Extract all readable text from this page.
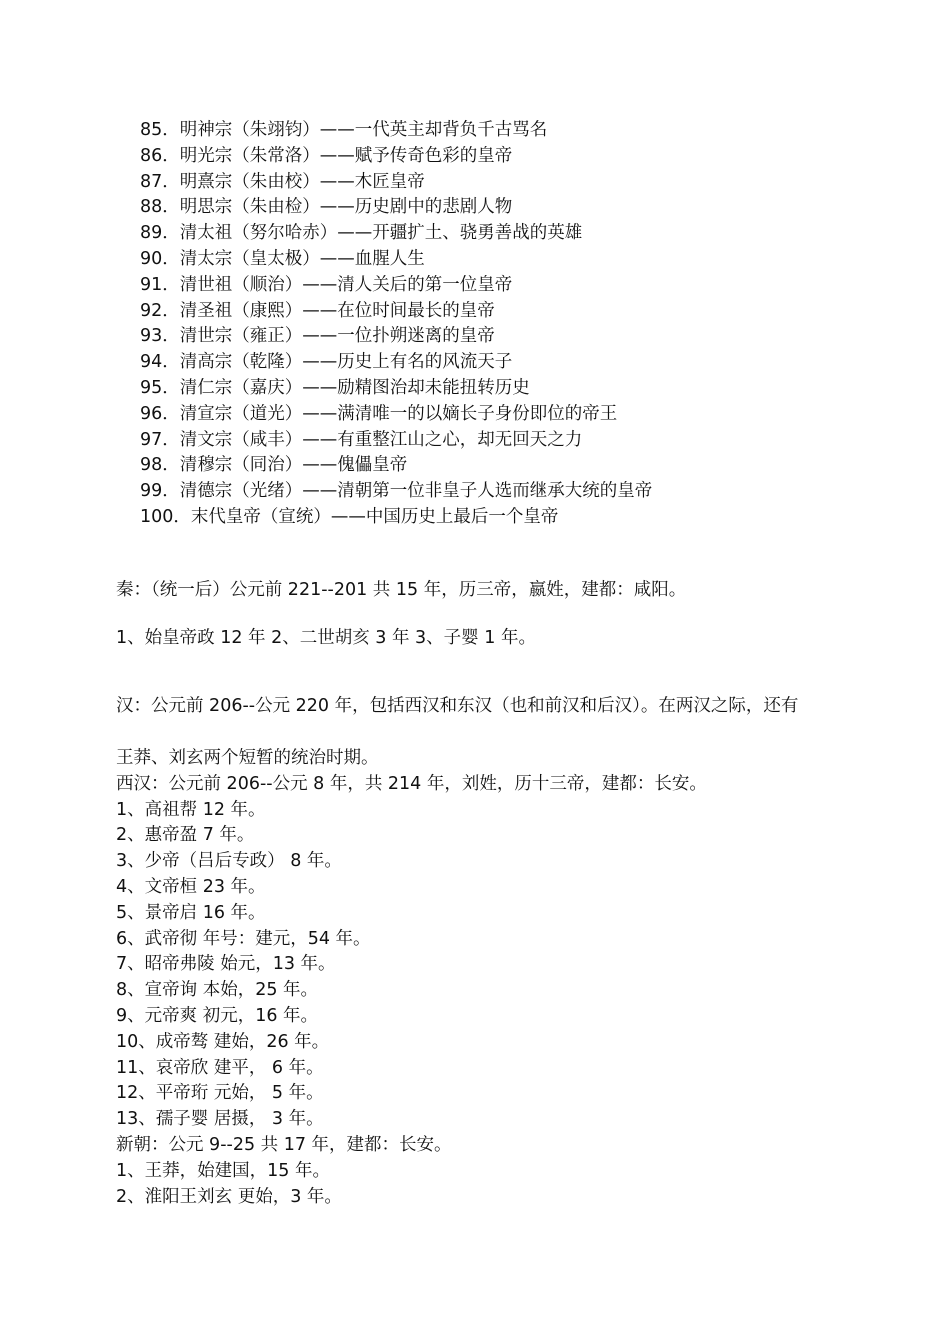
85．明神宗（朱翊钧）——一代英主却背负千古骂名
86．明光宗（朱常洛）——赋予传奇色彩的皇帝
87．明熹宗（朱由校）——木匠皇帝
88．明思宗（朱由检）——历史剧中的悲剧人物
89．清太祖（努尔哈赤）——开疆扩土、骁勇善战的英雄
90．清太宗（皇太极）——血腥人生
91．清世祖（顺治）——清人关后的第一位皇帝
92．清圣祖（康熙）——在位时间最长的皇帝
93．清世宗（雍正）——一位扑朔迷离的皇帝
94．清高宗（乾隆）——历史上有名的风流天子
95．清仁宗（嘉庆）——励精图治却未能扭转历史
96．清宣宗（道光）——满清唯一的以嫡长子身份即位的帝王
97．清文宗（咸丰）——有重整江山之心，却无回天之力
98．清穆宗（同治）——傀儡皇帝
99．清德宗（光绪）——清朝第一位非皇子人选而继承大统的皇帝
100．末代皇帝（宣统）——中国历史上最后一个皇帝

秦：（统一后）公元前 221--201 共 15 年，历三帝，嬴姓，建都：咸阳。

1、始皇帝政 12 年 2、二世胡亥 3 年 3、子婴 1 年。

汉：公元前 206--公元 220 年，包括西汉和东汉（也和前汉和后汉）。在两汉之际，还有

王莽、刘玄两个短暂的统治时期。
西汉：公元前 206--公元 8 年，共 214 年，刘姓，历十三帝，建都：长安。
1、高祖帮 12 年。
2、惠帝盈 7 年。
3、少帝（吕后专政） 8 年。
4、文帝桓 23 年。
5、景帝启 16 年。
6、武帝彻 年号：建元，54 年。
7、昭帝弗陵 始元，13 年。
8、宣帝询 本始，25 年。
9、元帝爽 初元，16 年。
10、成帝骜 建始，26 年。
11、哀帝欣 建平， 6 年。
12、平帝珩 元始， 5 年。
13、孺子婴 居摄， 3 年。
新朝：公元 9--25 共 17 年，建都：长安。
1、王莽，始建国，15 年。
2、淮阳王刘玄 更始，3 年。
